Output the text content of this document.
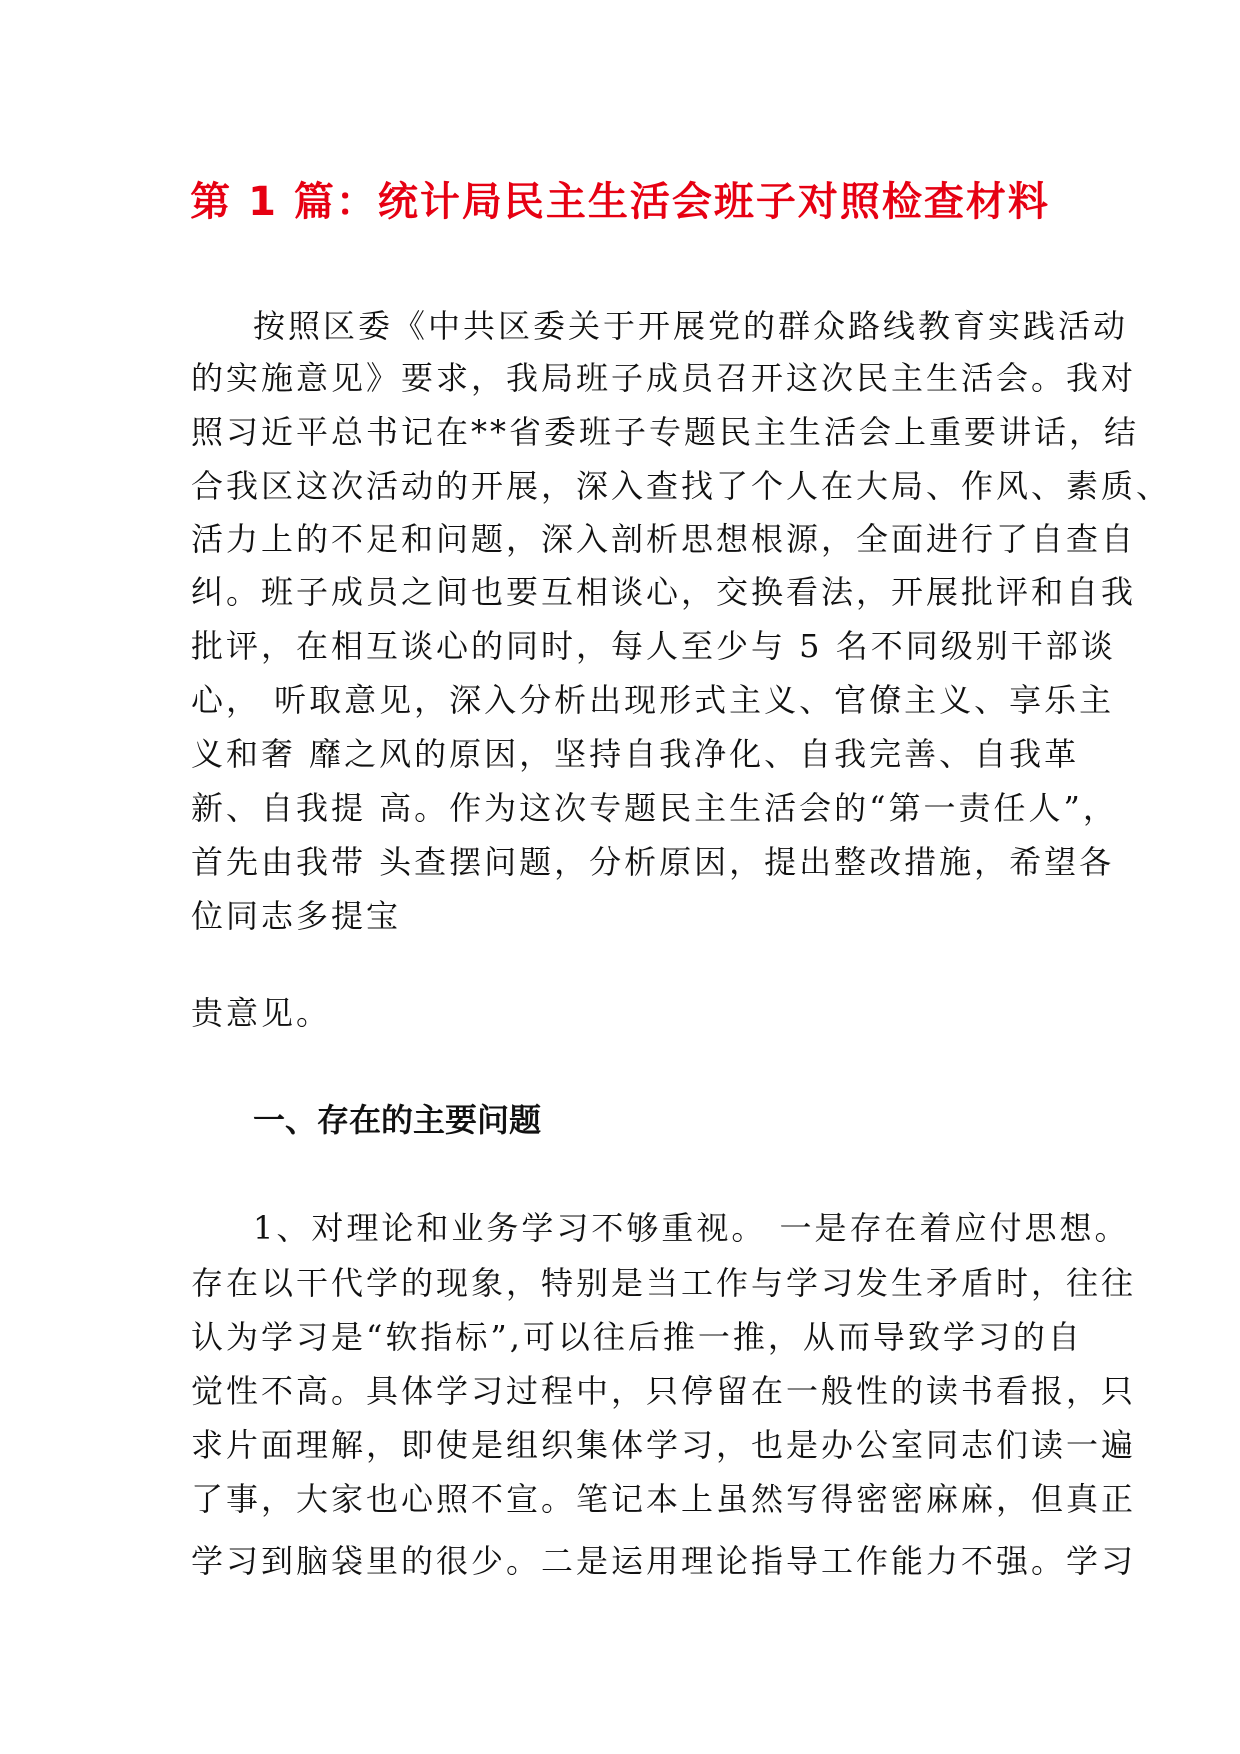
第 1 篇：统计局民主生活会班子对照检查材料

按照区委《中共区委关于开展党的群众路线教育实践活动

的实施意见》要求，我局班子成员召开这次民主生活会。我对

照习近平总书记在**省委班子专题民主生活会上重要讲话，结

合我区这次活动的开展，深入查找了个人在大局、作风、素质、

活力上的不足和问题，深入剖析思想根源，全面进行了自查自

纠。班子成员之间也要互相谈心，交换看法，开展批评和自我

批评，在相互谈心的同时，每人至少与 5 名不同级别干部谈

心， 听取意见，深入分析出现形式主义、官僚主义、享乐主

义和奢 靡之风的原因，坚持自我净化、自我完善、自我革

新、自我提 高。作为这次专题民主生活会的“第一责任人”，

首先由我带 头查摆问题，分析原因，提出整改措施，希望各

位同志多提宝

贵意见。

一、存在的主要问题

1、对理论和业务学习不够重视。 一是存在着应付思想。

存在以干代学的现象，特别是当工作与学习发生矛盾时，往往

认为学习是“软指标”,可以往后推一推，从而导致学习的自

觉性不高。具体学习过程中，只停留在一般性的读书看报，只

求片面理解，即使是组织集体学习，也是办公室同志们读一遍

了事，大家也心照不宣。笔记本上虽然写得密密麻麻，但真正

学习到脑袋里的很少。二是运用理论指导工作能力不强。学习
